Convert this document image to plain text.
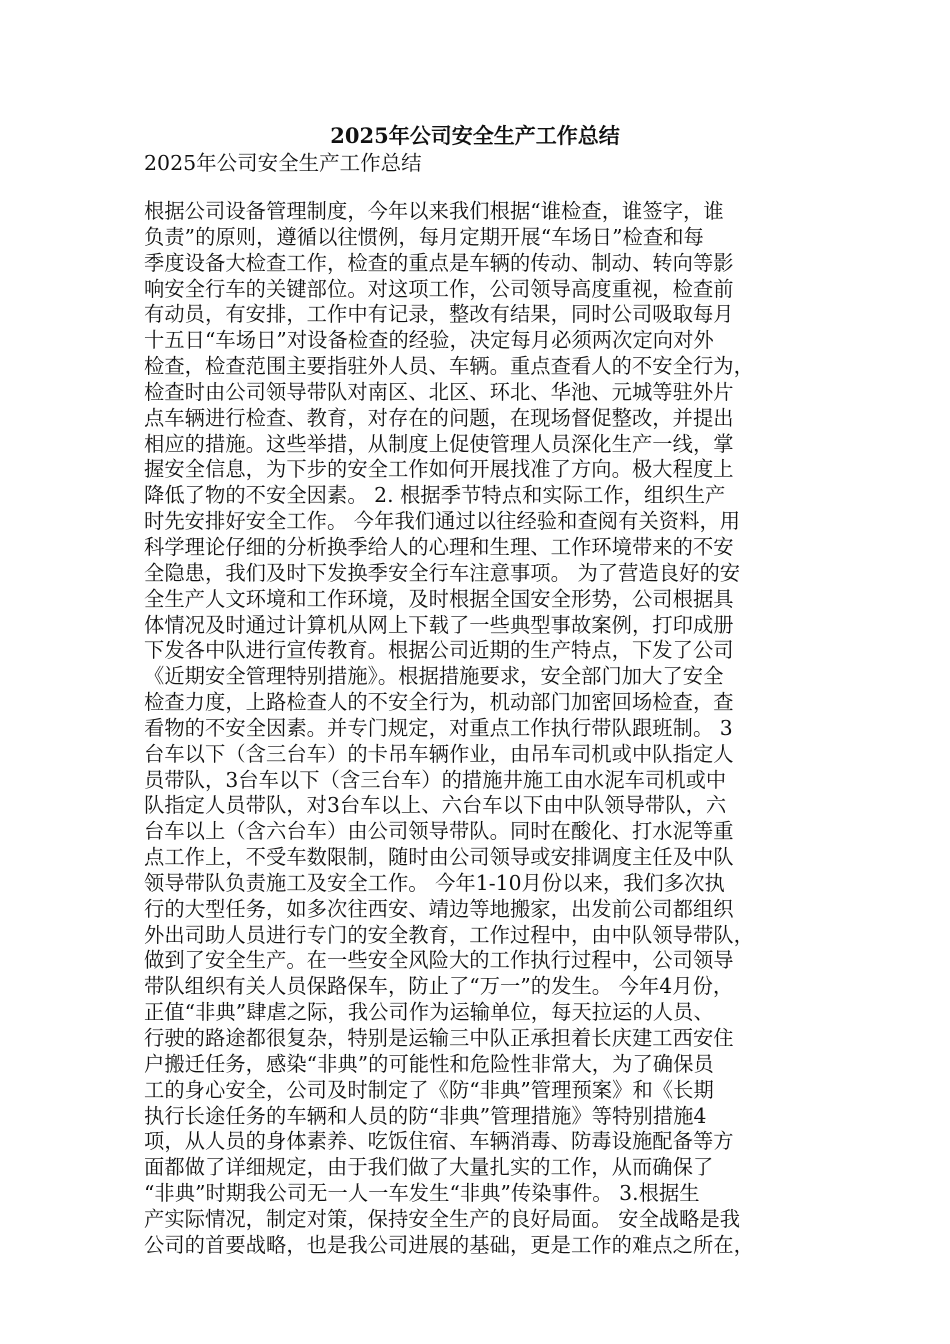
2025年公司安全生产工作总结
2025年公司安全生产工作总结
根据公司设备管理制度，今年以来我们根据“谁检查，谁签字，谁
负责”的原则，遵循以往惯例，每月定期开展“车场日”检查和每
季度设备大检查工作，检查的重点是车辆的传动、制动、转向等影
响安全行车的关键部位。对这项工作，公司领导高度重视，检查前
有动员，有安排，工作中有记录，整改有结果，同时公司吸取每月
十五日“车场日”对设备检查的经验，决定每月必须两次定向对外
检查，检查范围主要指驻外人员、车辆。重点查看人的不安全行为，
检查时由公司领导带队对南区、北区、环北、华池、元城等驻外片
点车辆进行检查、教育，对存在的问题，在现场督促整改，并提出
相应的措施。这些举措，从制度上促使管理人员深化生产一线，掌
握安全信息，为下步的安全工作如何开展找准了方向。极大程度上
降低了物的不安全因素。 2. 根据季节特点和实际工作，组织生产
时先安排好安全工作。 今年我们通过以往经验和查阅有关资料，用
科学理论仔细的分析换季给人的心理和生理、工作环境带来的不安
全隐患，我们及时下发换季安全行车注意事项。 为了营造良好的安
全生产人文环境和工作环境，及时根据全国安全形势，公司根据具
体情况及时通过计算机从网上下载了一些典型事故案例，打印成册
下发各中队进行宣传教育。根据公司近期的生产特点，下发了公司
《近期安全管理特别措施》。根据措施要求，安全部门加大了安全
检查力度，上路检查人的不安全行为，机动部门加密回场检查，查
看物的不安全因素。并专门规定，对重点工作执行带队跟班制。 3
台车以下（含三台车）的卡吊车辆作业，由吊车司机或中队指定人
员带队，3台车以下（含三台车）的措施井施工由水泥车司机或中
队指定人员带队，对3台车以上、六台车以下由中队领导带队，六
台车以上（含六台车）由公司领导带队。同时在酸化、打水泥等重
点工作上，不受车数限制，随时由公司领导或安排调度主任及中队
领导带队负责施工及安全工作。 今年1-10月份以来，我们多次执
行的大型任务，如多次往西安、靖边等地搬家，出发前公司都组织
外出司助人员进行专门的安全教育，工作过程中，由中队领导带队，
做到了安全生产。在一些安全风险大的工作执行过程中，公司领导
带队组织有关人员保路保车，防止了“万一”的发生。 今年4月份，
正值“非典”肆虐之际，我公司作为运输单位，每天拉运的人员、
行驶的路途都很复杂，特别是运输三中队正承担着长庆建工西安住
户搬迁任务，感染“非典”的可能性和危险性非常大，为了确保员
工的身心安全，公司及时制定了《防“非典”管理预案》和《长期
执行长途任务的车辆和人员的防“非典”管理措施》等特别措施4
项，从人员的身体素养、吃饭住宿、车辆消毒、防毒设施配备等方
面都做了详细规定，由于我们做了大量扎实的工作，从而确保了
“非典”时期我公司无一人一车发生“非典”传染事件。 3.根据生
产实际情况，制定对策，保持安全生产的良好局面。 安全战略是我
公司的首要战略，也是我公司进展的基础，更是工作的难点之所在，
